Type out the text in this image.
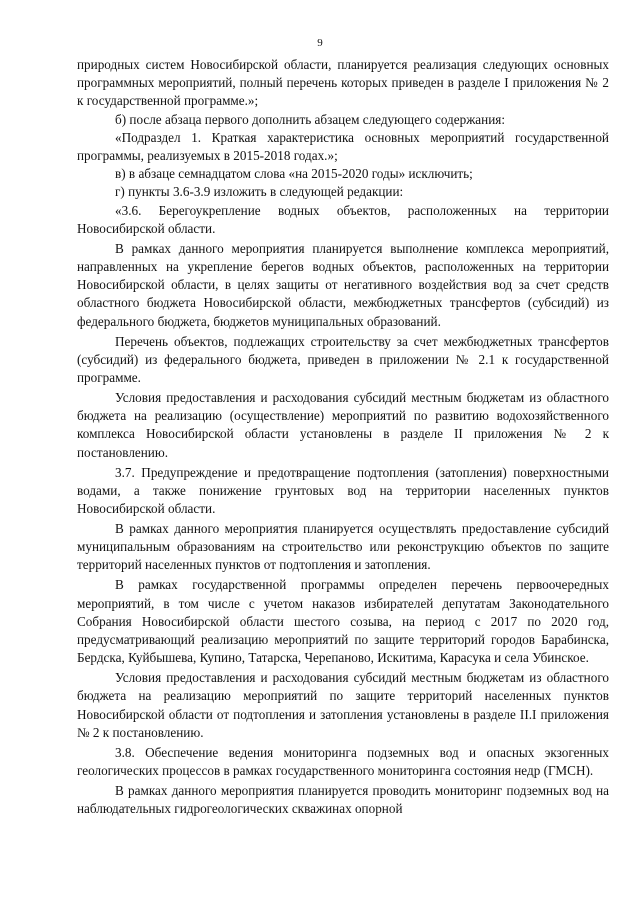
9

природных систем Новосибирской области, планируется реализация следующих основных программных мероприятий, полный перечень которых приведен в разделе I приложения № 2 к государственной программе.»;

б) после абзаца первого дополнить абзацем следующего содержания:

«Подраздел 1. Краткая характеристика основных мероприятий государственной программы, реализуемых в 2015-2018 годах.»;

в) в абзаце семнадцатом слова «на 2015-2020 годы» исключить;

г) пункты 3.6-3.9 изложить в следующей редакции:

«3.6. Берегоукрепление водных объектов, расположенных на территории Новосибирской области.

В рамках данного мероприятия планируется выполнение комплекса мероприятий, направленных на укрепление берегов водных объектов, расположенных на территории Новосибирской области, в целях защиты от негативного воздействия вод за счет средств областного бюджета Новосибирской области, межбюджетных трансфертов (субсидий) из федерального бюджета, бюджетов муниципальных образований.

Перечень объектов, подлежащих строительству за счет межбюджетных трансфертов (субсидий) из федерального бюджета, приведен в приложении № 2.1 к государственной программе.

Условия предоставления и расходования субсидий местным бюджетам из областного бюджета на реализацию (осуществление) мероприятий по развитию водохозяйственного комплекса Новосибирской области установлены в разделе II приложения № 2 к постановлению.

3.7. Предупреждение и предотвращение подтопления (затопления) поверхностными водами, а также понижение грунтовых вод на территории населенных пунктов Новосибирской области.

В рамках данного мероприятия планируется осуществлять предоставление субсидий муниципальным образованиям на строительство или реконструкцию объектов по защите территорий населенных пунктов от подтопления и затопления.

В рамках государственной программы определен перечень первоочередных мероприятий, в том числе с учетом наказов избирателей депутатам Законодательного Собрания Новосибирской области шестого созыва, на период с 2017 по 2020 год, предусматривающий реализацию мероприятий по защите территорий городов Барабинска, Бердска, Куйбышева, Купино, Татарска, Черепаново, Искитима, Карасука и села Убинское.

Условия предоставления и расходования субсидий местным бюджетам из областного бюджета на реализацию мероприятий по защите территорий населенных пунктов Новосибирской области от подтопления и затопления установлены в разделе II.I приложения № 2 к постановлению.

3.8. Обеспечение ведения мониторинга подземных вод и опасных экзогенных геологических процессов в рамках государственного мониторинга состояния недр (ГМСН).

В рамках данного мероприятия планируется проводить мониторинг подземных вод на наблюдательных гидрогеологических скважинах опорной
